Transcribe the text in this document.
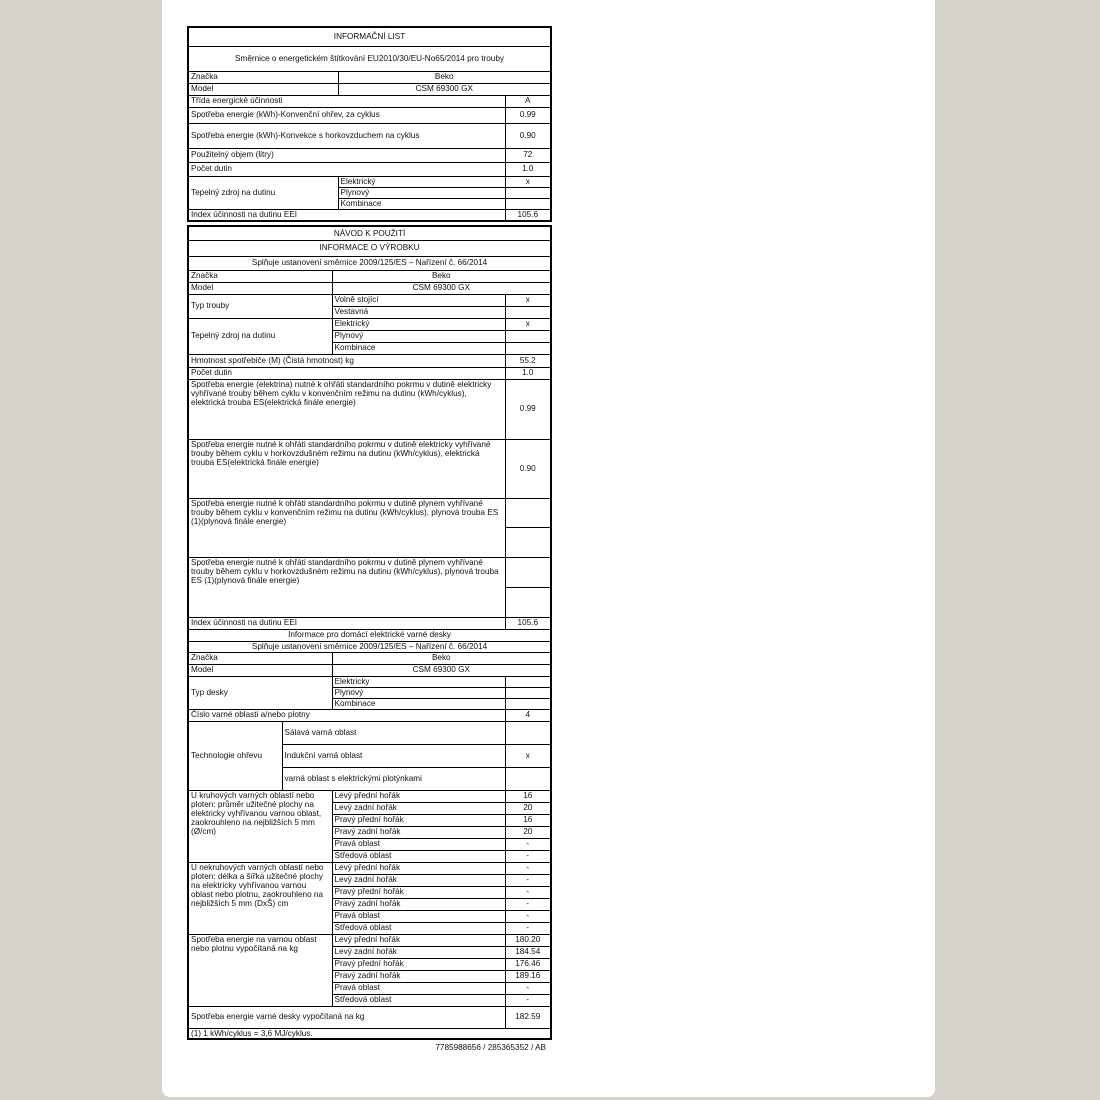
INFORMAČNÍ LIST		
Směrnice o energetickém štítkování EU2010/30/EU-No65/2014 pro trouby		
Značka	Beko	
Model	CSM 69300 GX	
Třída energické účinnosti		A
Spotřeba energie (kWh)-Konvenční ohřev, za cyklus		0.99
Spotřeba energie (kWh)-Konvekce s horkovzduchem na cyklus		0.90
Použitelný objem (litry)		72
Počet dutin		1.0
Tepelný zdroj na dutinu	Elektrický	x
	Plynový	
	Kombinace	
Index účinnosti na dutinu EEI		105.6
NÁVOD K POUŽITÍ			
INFORMACE O VÝROBKU			
Splňuje ustanovení směrnice 2009/125/ES – Nařízení č. 66/2014			
Značka		Beko	
Model		CSM 69300 GX	
Typ trouby		Volně stojící	x
		Vestavná	
Tepelný zdroj na dutinu		Elektrický	x
		Plynový	
		Kombinace	
Hmotnost spotřebiče (M) (Čistá hmotnost) kg			55.2
Počet dutin			1.0
Spotřeba energie (elektrina) nutné k ohřáti standardního pokrmu v dutině elektricky vyhřívané trouby během cyklu v konvenčním režimu na dutinu (kWh/cyklus), elektrická trouba ES(elektrická finále energie)			0.99
Spotřeba energie nutné k ohřáti standardního pokrmu v dutině elektricky vyhřívané trouby během cyklu v horkovzdušném režimu na dutinu (kWh/cyklus), elektrická trouba ES(elektrická finále energie)			0.90
Spotřeba energie nutné k ohřáti standardního pokrmu v dutině plynem vyhřívané trouby během cyklu v konvenčním režimu na dutinu (kWh/cyklus), plynová trouba ES (1)(plynová finále energie)			

Spotřeba energie nutné k ohřáti standardního pokrmu v dutině plynem vyhřívané trouby během cyklu v horkovzdušném režimu na dutinu (kWh/cyklus), plynová trouba ES (1)(plynová finále energie)			

Index účinnosti na dutinu EEI			105.6
Informace pro domácí elektrické varné desky			
Splňuje ustanovení směrnice 2009/125/ES – Nařízení č. 66/2014			
Značka		Beko	
Model		CSM 69300 GX	
Typ desky		Elektricky	
		Plynový	
		Kombinace	
Číslo varné oblasti a/nebo plotny			4
Technologie ohřevu	Sálavá varná oblast		
	Indukční varná oblast		x
	varná oblast s elektrickými plotýnkami		
U kruhových varných oblastí nebo ploten: průměr užitečné plochy na elektricky vyhřívanou varnou oblast, zaokrouhleno na nejbližších 5 mm (Ø/cm)		Levý přední hořák	16
		Levý zadní hořák	20
		Pravý přední hořák	16
		Pravý zadní hořák	20
		Pravá oblast	-
		Středová oblast	-
U nekruhových varných oblastí nebo ploten: délka a šířka užitečné plochy na elektricky vyhřívanou varnou oblast nebo plotnu, zaokrouhleno na nejbližších 5 mm (DxŠ) cm		Levý přední hořák	-
		Levý zadní hořák	-
		Pravý přední hořák	-
		Pravý zadní hořák	-
		Pravá oblast	-
		Středová oblast	-
Spotřeba energie na varnou oblast nebo plotnu vypočítaná na kg		Levý přední hořák	180.20
		Levý zadní hořák	184.54
		Pravý přední hořák	176.46
		Pravý zadní hořák	189.16
		Pravá oblast	-
		Středová oblast	-
Spotřeba energie varné desky vypočítaná na kg			182.59
(1) 1 kWh/cyklus = 3,6 MJ/cyklus.			
7785988656 / 285365352 / AB
